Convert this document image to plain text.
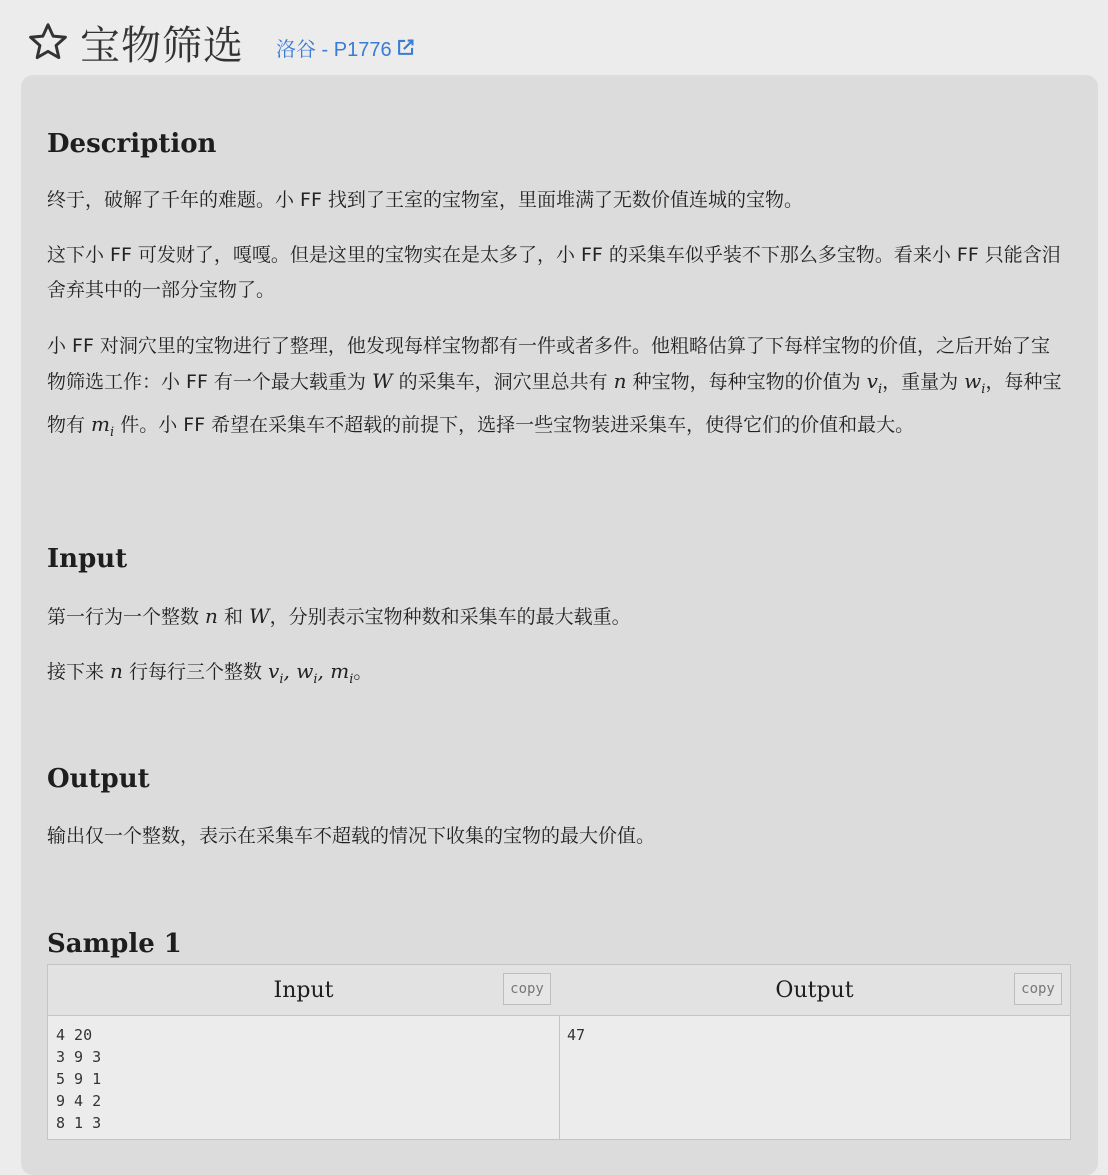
宝物筛选 洛谷 - P1776
Description

终于，破解了千年的难题。小 FF 找到了王室的宝物室，里面堆满了无数价值连城的宝物。

这下小 FF 可发财了，嘎嘎。但是这里的宝物实在是太多了，小 FF 的采集车似乎装不下那么多宝物。看来小 FF 只能含泪舍弃其中的一部分宝物了。

小 FF 对洞穴里的宝物进行了整理，他发现每样宝物都有一件或者多件。他粗略估算了下每样宝物的价值，之后开始了宝物筛选工作：小 FF 有一个最大载重为 W 的采集车，洞穴里总共有 n 种宝物，每种宝物的价值为 $v_i$，重量为 $w_i$，每种宝物有 $m_i$ 件。小 FF 希望在采集车不超载的前提下，选择一些宝物装进采集车，使得它们的价值和最大。

Input

第一行为一个整数 n 和 W，分别表示宝物种数和采集车的最大载重。

接下来 n 行每行三个整数 $v_i$, $w_i$, $m_i$。

Output

输出仅一个整数，表示在采集车不超载的情况下收集的宝物的最大价值。

Sample 1
Input	copy
4 20
3 9 3
5 9 1
9 4 2
8 1 3
Output	copy
47
